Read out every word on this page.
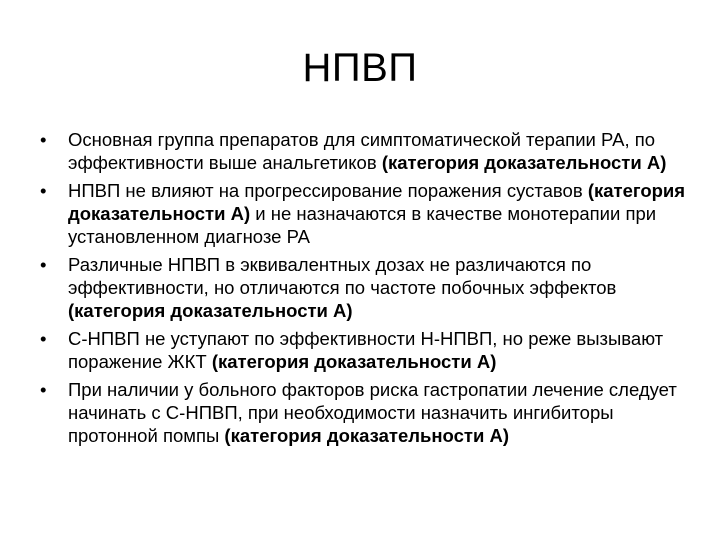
НПВП
•	Основная группа препаратов для симптоматической терапии РА, по эффективности выше анальгетиков (категория доказательности А)
•	НПВП не влияют на прогрессирование поражения суставов (категория доказательности А) и не назначаются в качестве монотерапии при установленном диагнозе РА
•	Различные НПВП в эквивалентных дозах не различаются по эффективности, но отличаются по частоте побочных эффектов (категория доказательности А)
•	С-НПВП не уступают по эффективности Н-НПВП, но реже вызывают поражение ЖКТ (категория доказательности А)
•	При наличии у больного факторов риска гастропатии лечение следует начинать с С-НПВП, при необходимости назначить ингибиторы протонной помпы (категория доказательности А)
